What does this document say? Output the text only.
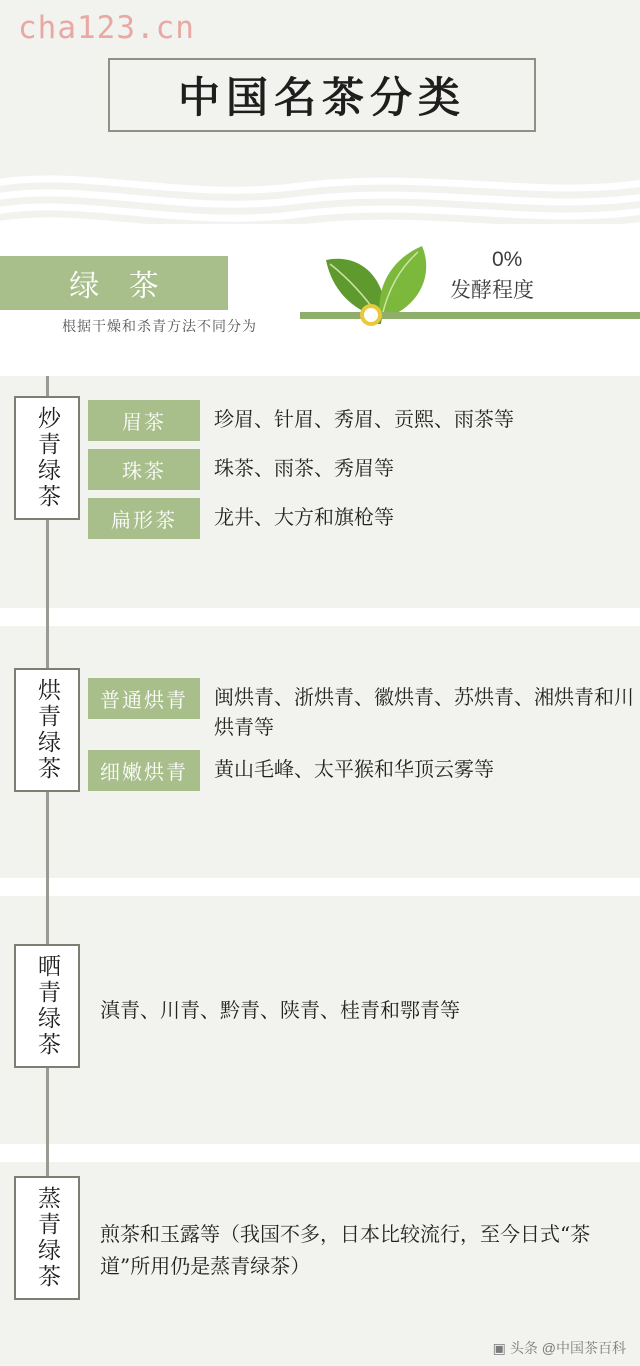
cha123.cn
中国名茶分类
绿 茶
根据干燥和杀青方法不同分为
0%
发酵程度
炒青绿茶	眉茶	珍眉、针眉、秀眉、贡熙、雨茶等
珠茶	珠茶、雨茶、秀眉等
扁形茶	龙井、大方和旗枪等
烘青绿茶	普通烘青	闽烘青、浙烘青、徽烘青、苏烘青、湘烘青和川烘青等
细嫩烘青	黄山毛峰、太平猴和华顶云雾等
晒青绿茶 滇青、川青、黔青、陕青、桂青和鄂青等
蒸青绿茶 煎茶和玉露等（我国不多，日本比较流行，至今日式“茶道”所用仍是蒸青绿茶）
▣ 头条 @中国茶百科
